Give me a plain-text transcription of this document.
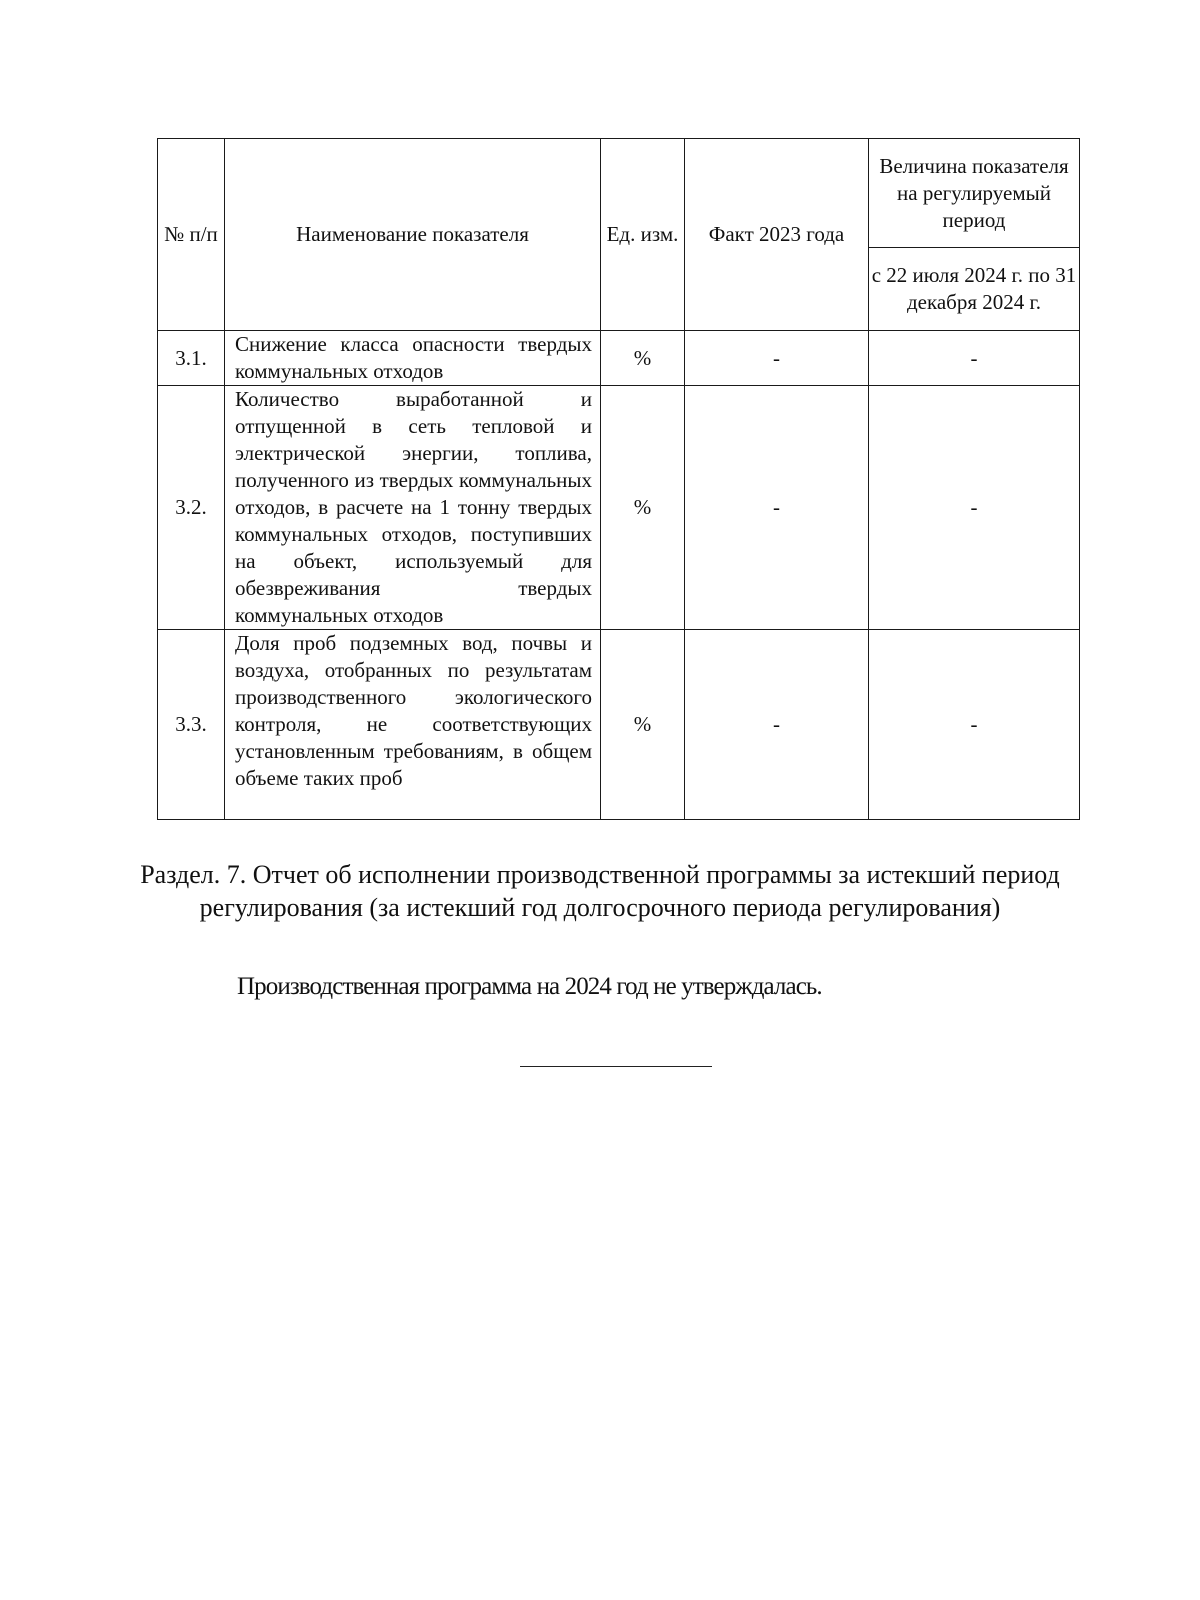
№ п/п	Наименование показателя	Ед. изм.	Факт 2023 года	Величина показателя на регулируемый период
				с 22 июля 2024 г. по 31 декабря 2024 г.
3.1.	Снижение класса опасности твердых коммунальных отходов	%	-	-
3.2.	Количество выработанной и отпущенной в сеть тепловой и электрической энергии, топлива, полученного из твердых коммунальных отходов, в расчете на 1 тонну твердых коммунальных отходов, поступивших на объект, используемый для обезвреживания твердых коммунальных отходов	%	-	-
3.3.	Доля проб подземных вод, почвы и воздуха, отобранных по результатам производственного экологического контроля, не соответствующих установленным требованиям, в общем объеме таких проб	%	-	-
Раздел. 7. Отчет об исполнении производственной программы за истекший период регулирования (за истекший год долгосрочного периода регулирования)
Производственная программа на 2024 год не утверждалась.
